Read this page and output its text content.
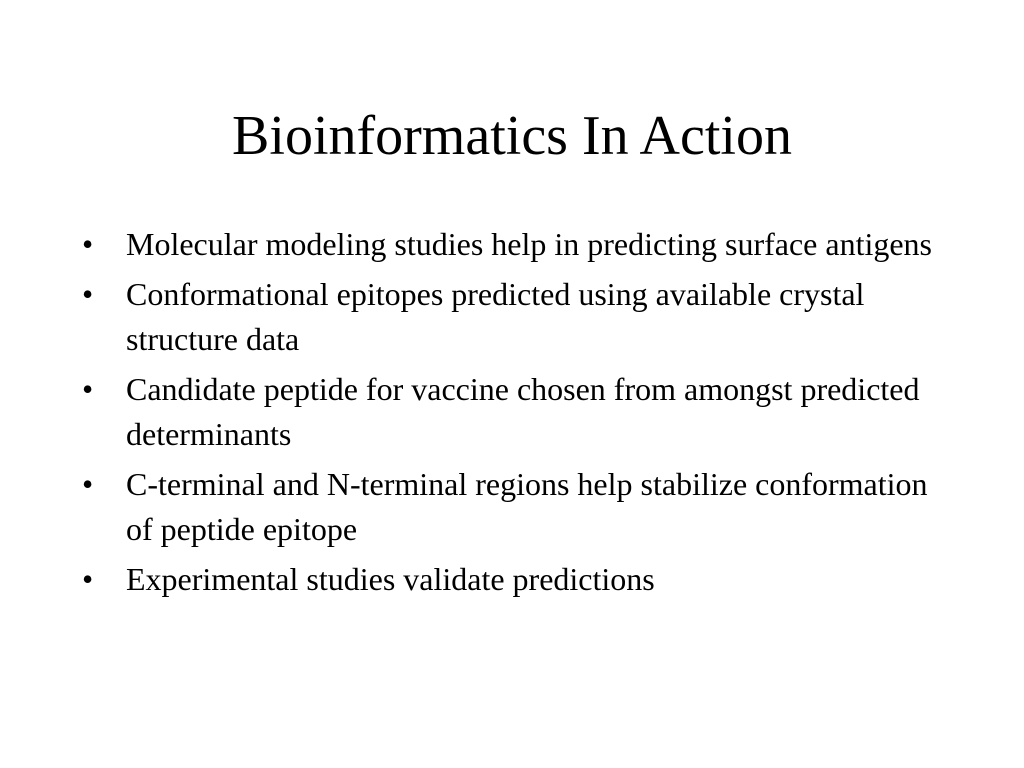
Bioinformatics In Action
•	Molecular modeling studies help in predicting surface antigens
•	Conformational epitopes predicted using available crystal structure data
•	Candidate peptide for vaccine chosen from amongst predicted determinants
•	C-terminal and N-terminal regions help stabilize conformation of peptide epitope
•	Experimental studies validate predictions
